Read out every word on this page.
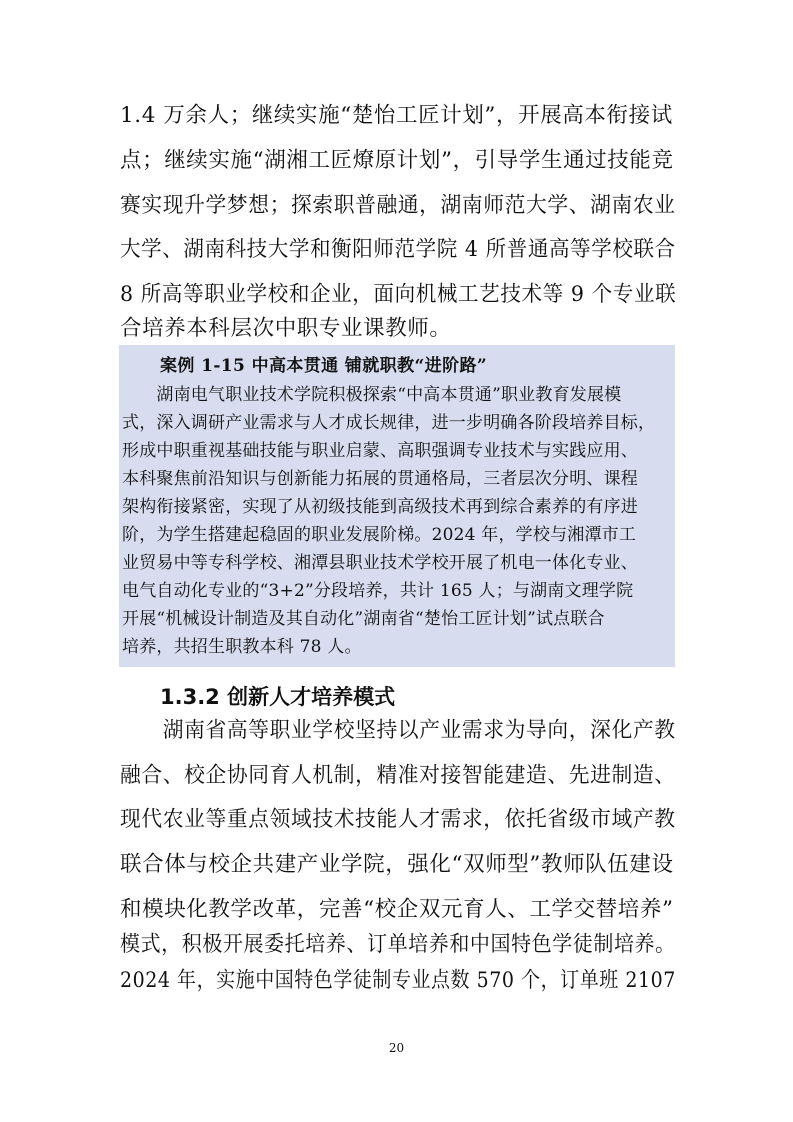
1.4 万余人；继续实施“楚怡工匠计划”，开展高本衔接试
点；继续实施“湖湘工匠燎原计划”，引导学生通过技能竞
赛实现升学梦想；探索职普融通，湖南师范大学、湖南农业
大学、湖南科技大学和衡阳师范学院 4 所普通高等学校联合
8 所高等职业学校和企业，面向机械工艺技术等 9 个专业联
合培养本科层次中职专业课教师。
案例 1-15 中高本贯通 铺就职教“进阶路”
　　湖南电气职业技术学院积极探索“中高本贯通”职业教育发展模
式，深入调研产业需求与人才成长规律，进一步明确各阶段培养目标，
形成中职重视基础技能与职业启蒙、高职强调专业技术与实践应用、
本科聚焦前沿知识与创新能力拓展的贯通格局，三者层次分明、课程
架构衔接紧密，实现了从初级技能到高级技术再到综合素养的有序进
阶，为学生搭建起稳固的职业发展阶梯。2024 年，学校与湘潭市工
业贸易中等专科学校、湘潭县职业技术学校开展了机电一体化专业、
电气自动化专业的“3+2”分段培养，共计 165 人；与湖南文理学院
开展“机械设计制造及其自动化”湖南省“楚怡工匠计划”试点联合
培养，共招生职教本科 78 人。
1.3.2 创新人才培养模式
　　湖南省高等职业学校坚持以产业需求为导向，深化产教
融合、校企协同育人机制，精准对接智能建造、先进制造、
现代农业等重点领域技术技能人才需求，依托省级市域产教
联合体与校企共建产业学院，强化“双师型”教师队伍建设
和模块化教学改革，完善“校企双元育人、工学交替培养”
模式，积极开展委托培养、订单培养和中国特色学徒制培养。
2024 年，实施中国特色学徒制专业点数 570 个，订单班 2107
20
